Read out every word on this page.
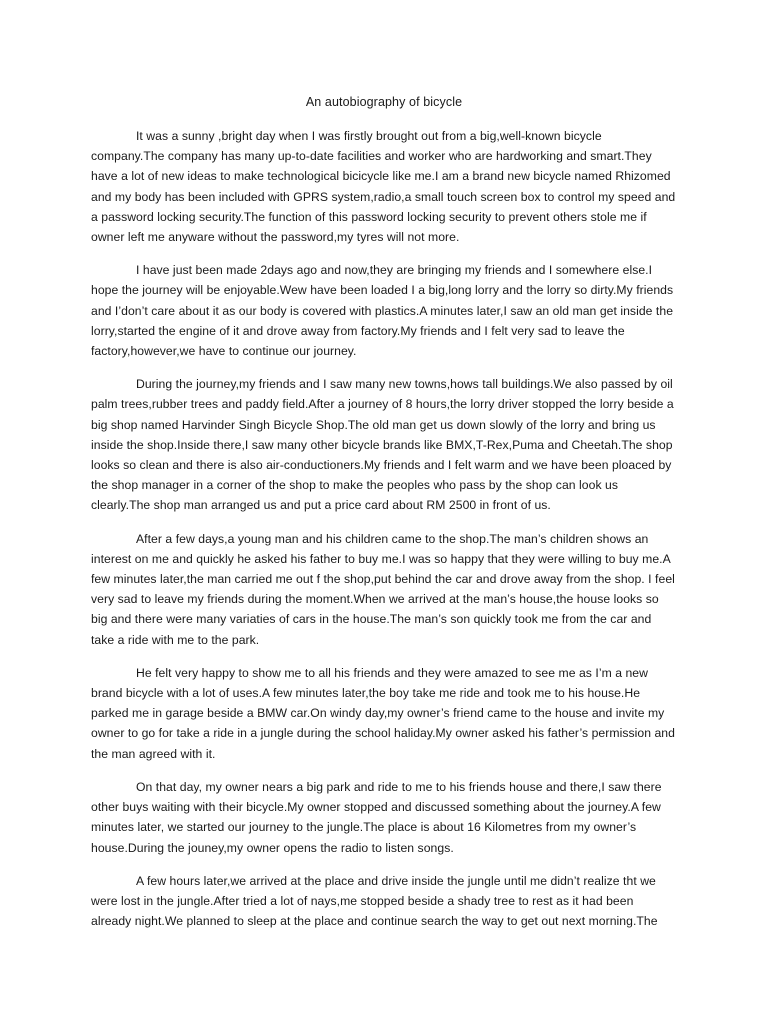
An autobiography of bicycle

It was a sunny ,bright day when I was firstly brought out from a big,well-known bicycle company.The company has many up-to-date facilities and worker who are hardworking and smart.They have a lot of new ideas to make technological bicicycle like me.I am a brand new bicycle named Rhizomed and my body has been included with GPRS system,radio,a small touch screen box to control my speed and a password locking security.The function of this password locking security to prevent others stole me if owner left me anyware without the password,my tyres will not more.

I have just been made 2days ago and now,they are bringing my friends and I somewhere else.I hope the journey will be enjoyable.Wew have been loaded I a big,long lorry and the lorry so dirty.My friends and I’don’t care about it as our body is covered with plastics.A minutes later,I saw an old man get inside the lorry,started the engine of it and drove away from factory.My friends and I felt very sad to leave the factory,however,we have to continue our journey.

During the journey,my friends and I saw many new towns,hows tall buildings.We also passed by oil palm trees,rubber trees and paddy field.After a journey of 8 hours,the lorry driver stopped the lorry beside a big shop named Harvinder Singh Bicycle Shop.The old man get us down slowly of the lorry and bring us inside the shop.Inside there,I saw many other bicycle brands like BMX,T-Rex,Puma and Cheetah.The shop looks so clean and there is also air-conductioners.My friends and I felt warm and we have been ploaced by the shop manager in a corner of the shop to make the peoples who pass by the shop can look us clearly.The shop man arranged us and put a price card about RM 2500 in front of us.

After a few days,a young man and his children came to the shop.The man’s children shows an interest on me and quickly he asked his father to buy me.I was so happy that they were willing to buy me.A few minutes later,the man carried me out f the shop,put behind the car and drove away from the shop. I feel very sad to leave my friends during the moment.When we arrived at the man’s house,the house looks so big and there were many variaties of cars in the house.The man’s son quickly took me from the car and take a ride with me to the park.

He felt very happy to show me to all his friends and they were amazed to see me as I’m a new brand bicycle with a lot of uses.A few minutes later,the boy take me ride and took me to his house.He parked me in garage beside a BMW car.On windy day,my owner’s friend came to the house and invite my owner to go for take a ride in a jungle during the school haliday.My owner asked his father’s permission and the man agreed with it.

On that day, my owner nears a big park and ride to me to his friends house and there,I saw there other buys waiting with their bicycle.My owner stopped and discussed something about the journey.A few minutes later, we started our journey to the jungle.The place is about 16 Kilometres from my owner’s house.During the jouney,my owner opens the radio to listen songs.

A few hours later,we arrived at the place and drive inside the jungle until me didn’t realize tht we were lost in the jungle.After tried a lot of nays,me stopped beside a shady tree to rest as it had been already night.We planned to sleep at the place and continue search the way to get out next morning.The
